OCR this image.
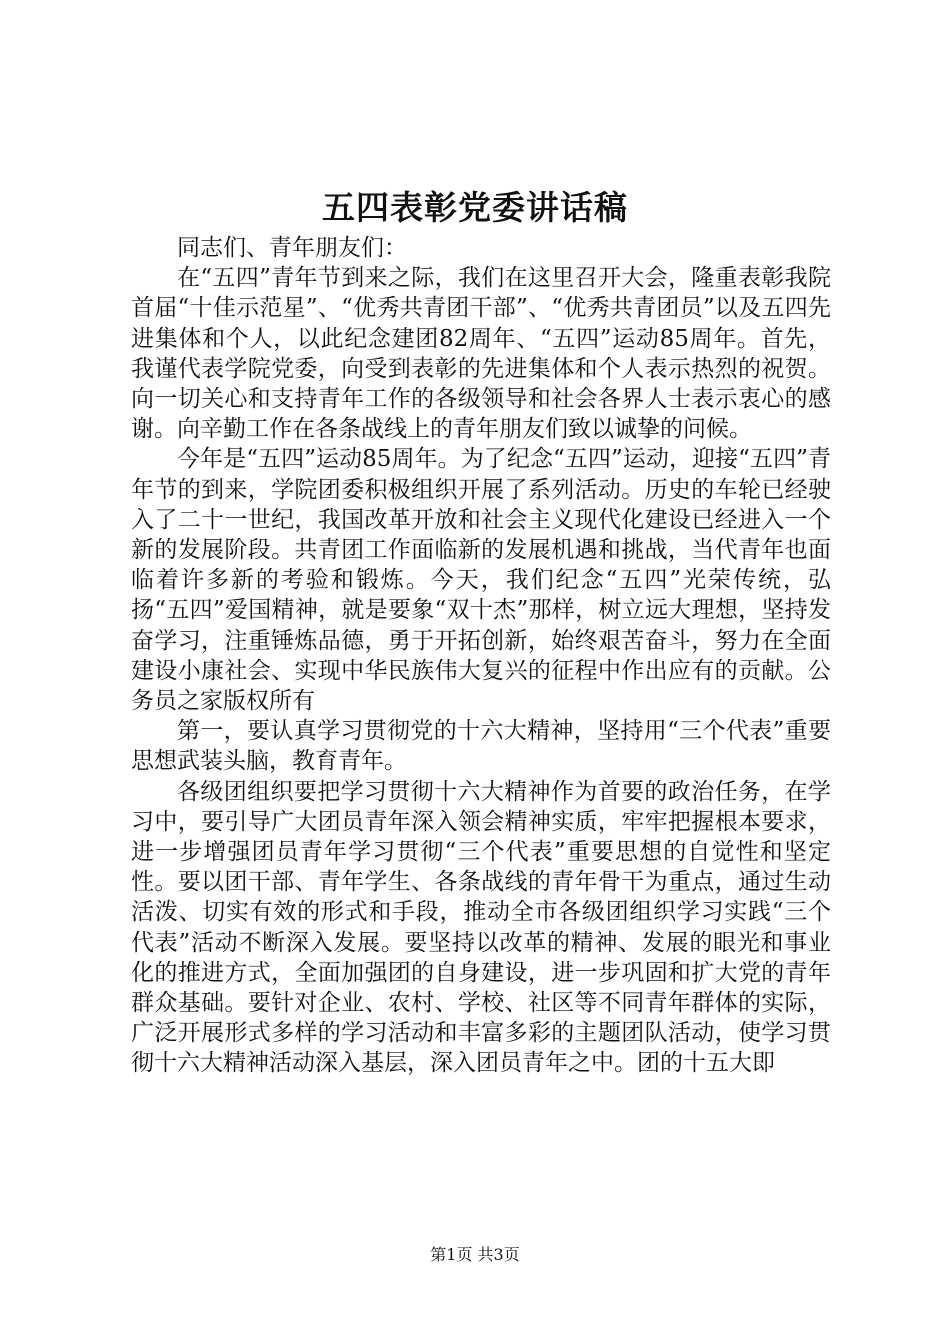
五四表彰党委讲话稿

同志们、青年朋友们：

在“五四”青年节到来之际，我们在这里召开大会，隆重表彰我院首届“十佳示范星”、“优秀共青团干部”、“优秀共青团员”以及五四先进集体和个人，以此纪念建团82周年、“五四”运动85周年。首先，我谨代表学院党委，向受到表彰的先进集体和个人表示热烈的祝贺。向一切关心和支持青年工作的各级领导和社会各界人士表示衷心的感谢。向辛勤工作在各条战线上的青年朋友们致以诚挚的问候。

今年是“五四”运动85周年。为了纪念“五四”运动，迎接“五四”青年节的到来，学院团委积极组织开展了系列活动。历史的车轮已经驶入了二十一世纪，我国改革开放和社会主义现代化建设已经进入一个新的发展阶段。共青团工作面临新的发展机遇和挑战，当代青年也面临着许多新的考验和锻炼。今天，我们纪念“五四”光荣传统，弘扬“五四”爱国精神，就是要象“双十杰”那样，树立远大理想，坚持发奋学习，注重锤炼品德，勇于开拓创新，始终艰苦奋斗，努力在全面建设小康社会、实现中华民族伟大复兴的征程中作出应有的贡献。公务员之家版权所有

第一，要认真学习贯彻党的十六大精神，坚持用“三个代表”重要思想武装头脑，教育青年。

各级团组织要把学习贯彻十六大精神作为首要的政治任务，在学习中，要引导广大团员青年深入领会精神实质，牢牢把握根本要求，进一步增强团员青年学习贯彻“三个代表”重要思想的自觉性和坚定性。要以团干部、青年学生、各条战线的青年骨干为重点，通过生动活泼、切实有效的形式和手段，推动全市各级团组织学习实践“三个代表”活动不断深入发展。要坚持以改革的精神、发展的眼光和事业化的推进方式，全面加强团的自身建设，进一步巩固和扩大党的青年群众基础。要针对企业、农村、学校、社区等不同青年群体的实际，广泛开展形式多样的学习活动和丰富多彩的主题团队活动，使学习贯彻十六大精神活动深入基层，深入团员青年之中。团的十五大即

第1页 共3页
